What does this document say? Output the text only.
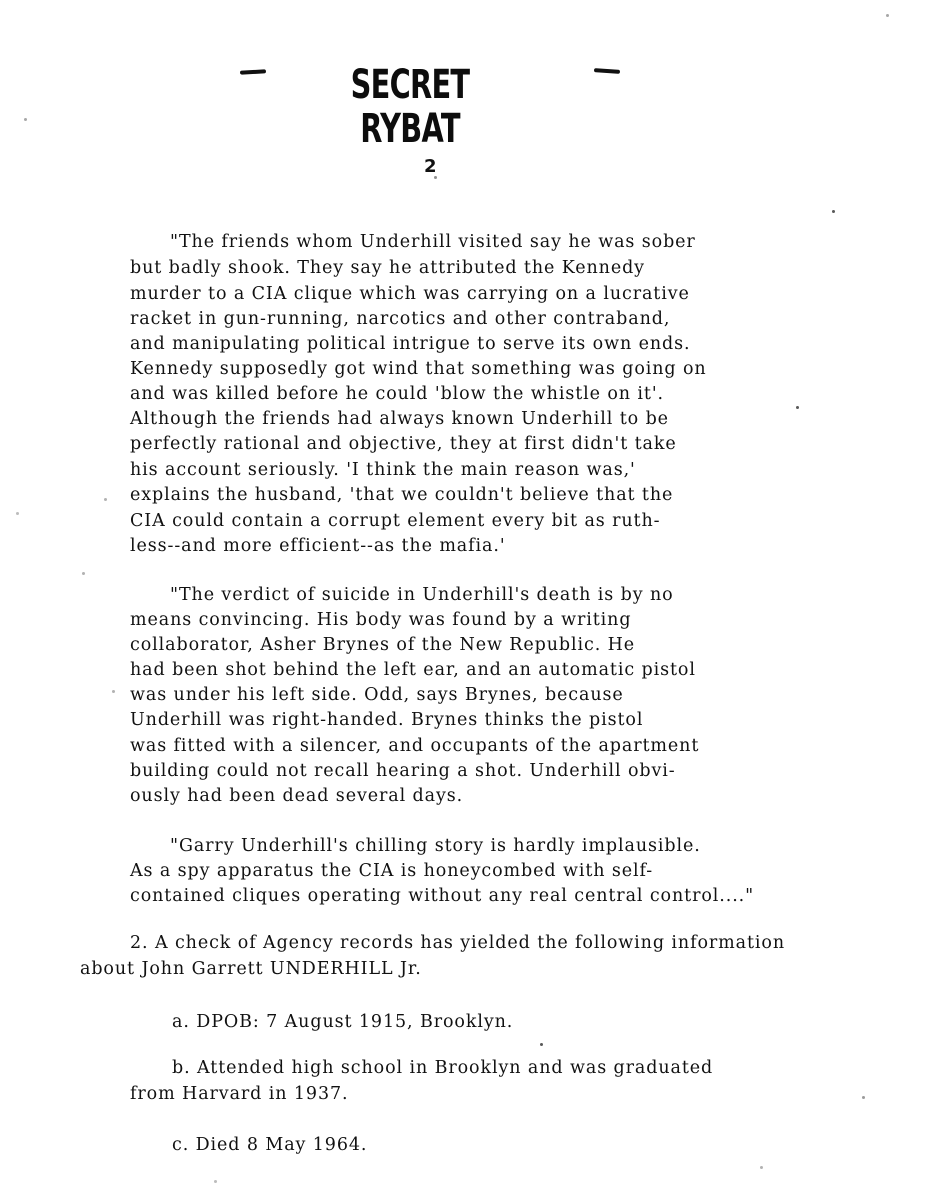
SECRET
RYBAT
2
"The friends whom Underhill visited say he was sober
but badly shook. They say he attributed the Kennedy
murder to a CIA clique which was carrying on a lucrative
racket in gun-running, narcotics and other contraband,
and manipulating political intrigue to serve its own ends.
Kennedy supposedly got wind that something was going on
and was killed before he could 'blow the whistle on it'.
Although the friends had always known Underhill to be
perfectly rational and objective, they at first didn't take
his account seriously. 'I think the main reason was,'
explains the husband, 'that we couldn't believe that the
CIA could contain a corrupt element every bit as ruth-
less--and more efficient--as the mafia.'
"The verdict of suicide in Underhill's death is by no
means convincing. His body was found by a writing
collaborator, Asher Brynes of the New Republic. He
had been shot behind the left ear, and an automatic pistol
was under his left side. Odd, says Brynes, because
Underhill was right-handed. Brynes thinks the pistol
was fitted with a silencer, and occupants of the apartment
building could not recall hearing a shot. Underhill obvi-
ously had been dead several days.
"Garry Underhill's chilling story is hardly implausible.
As a spy apparatus the CIA is honeycombed with self-
contained cliques operating without any real central control...."
2. A check of Agency records has yielded the following information
about John Garrett UNDERHILL Jr.
a. DPOB: 7 August 1915, Brooklyn.
b. Attended high school in Brooklyn and was graduated
from Harvard in 1937.
c. Died 8 May 1964.
